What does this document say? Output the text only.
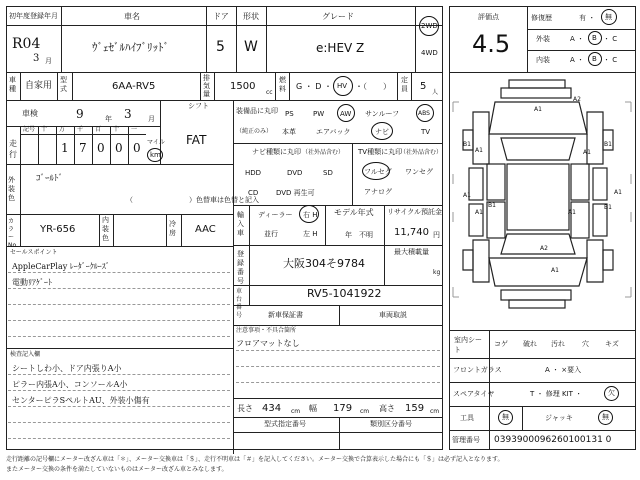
初年度登録年月
R04
3 月
車名
ｳﾞｪｾﾞﾙﾊｲﾌﾞﾘｯﾄﾞ
ドア
5
形状
W
グレード
e:HEV Z
2WD
4WD
車種 自家用
型式	6AA-RV5
排気量
1500
cc
燃料 G ・ D ・ HV ・（　　）
定員 5
人
車検	9	年 3 月
走行
記号 十 万
1
千
7
百
0
十
0
一
0 マイル
km
シフト
FAT
外装色
ｺﾞｰﾙﾄﾞ
（　　　　　　　　）色替車は色替と記入
カラーNo.
YR-656
内装色
冷房 AAC
セールスポイント
AppleCarPlay ﾚｰﾀﾞｰｸﾙｰｽﾞ
電動ﾘｱｹﾞｰﾄ
検査記入欄
シートしわ小、ドア内張りA小
ピラー内張A小、コンソールA小
センターピラSペルトAU、外装小傷有
装備品に丸印
（純正のみ）
PS	PW AW サンルーフ	ABS
本革	エアバック	ナビ	TV
ナビ種類に丸印 （社外品含む）
HDD	DVD	SD
CD	DVD 再生可
TV種類に丸印
（社外品含む）
フルセグ ワンセグ
アナログ
輸入車
ディーラー 右 H
並行	左 H
モデル年式
年　不明
リサイクル預託金
11,740 円
登録番号
大阪304そ9784
最大積載量
kg
車台番号
RV5-1041922
新車保証書	車両取説
注意事項・不具合箇所
フロアマットなし
長さ 434 cm 幅 179 cm 高さ 159 cm
型式指定番号	類別区分番号
評価点
4.5
修復歴	有 ・ 無
外装	A ・ B ・ C
内装	A ・ B ・ C
A2
A1
B1
A1
B1
A1
A1
B1
A1
A2
A1
A1
B1
A1
室内シート
コゲ 破れ 汚れ 穴 キズ
フロントガラス	A ・ ×要入
スペアタイヤ	T ・ 修理 KIT ・	欠
工具	無	ジャッキ	無
管理番号 0393900096260100131 0
走行距離の記号欄にメーター改ざん車は「＊」、メーター交換車は「＄」、走行不明車は「＃」を記入してください。メーター交換で合算表示した場合にも「＄」は必ず記入となります。
またメーター交換の条件を満たしていないものはメーター改ざん車とみなします。
